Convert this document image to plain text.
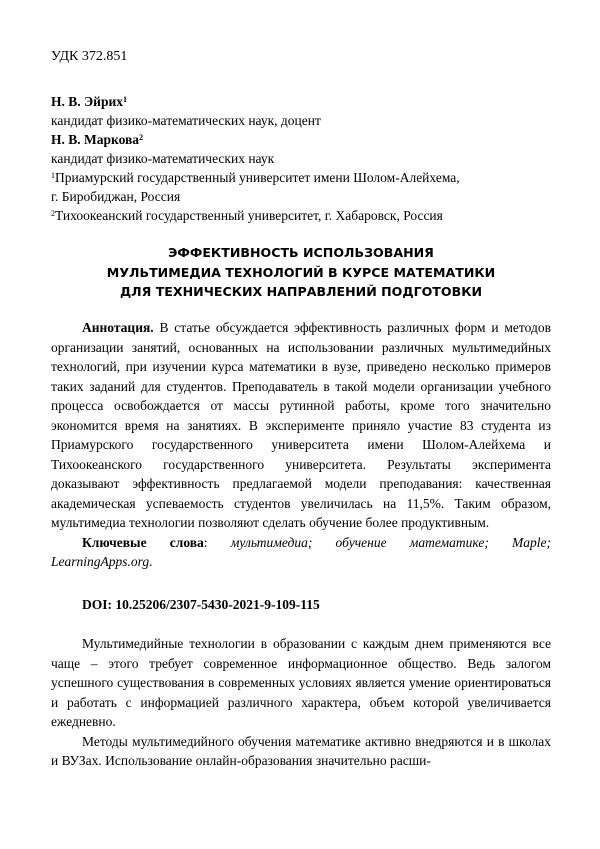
УДК 372.851

Н. В. Эйрих$^1$

кандидат физико-математических наук, доцент

Н. В. Маркова$^2$

кандидат физико-математических наук

$^1$Приамурский государственный университет имени Шолом-Алейхема,

г. Биробиджан, Россия

$^2$Тихоокеанский государственный университет, г. Хабаровск, Россия

ЭФФЕКТИВНОСТЬ ИСПОЛЬЗОВАНИЯ
МУЛЬТИМЕДИА ТЕХНОЛОГИЙ В КУРСЕ МАТЕМАТИКИ
ДЛЯ ТЕХНИЧЕСКИХ НАПРАВЛЕНИЙ ПОДГОТОВКИ

Аннотация. В статье обсуждается эффективность различных форм и методов организации занятий, основанных на использовании различных мультимедийных технологий, при изучении курса математики в вузе, приведено несколько примеров таких заданий для студентов. Преподаватель в такой модели организации учебного процесса освобождается от массы рутинной работы, кроме того значительно экономится время на занятиях. В эксперименте приняло участие 83 студента из Приамурского государственного университета имени Шолом-Алейхема и Тихоокеанского государственного университета. Результаты эксперимента доказывают эффективность предлагаемой модели преподавания: качественная академическая успеваемость студентов увеличилась на 11,5%. Таким образом, мультимедиа технологии позволяют сделать обучение более продуктивным.

Ключевые слова: мультимедиа; обучение математике; Maple; LearningApps.org.

DOI: 10.25206/2307-5430-2021-9-109-115

Мультимедийные технологии в образовании с каждым днем применяются все чаще – этого требует современное информационное общество. Ведь залогом успешного существования в современных условиях является умение ориентироваться и работать с информацией различного характера, объем которой увеличивается ежедневно.

Методы мультимедийного обучения математике активно внедряются и в школах и ВУЗах. Использование онлайн-образования значительно расши-
